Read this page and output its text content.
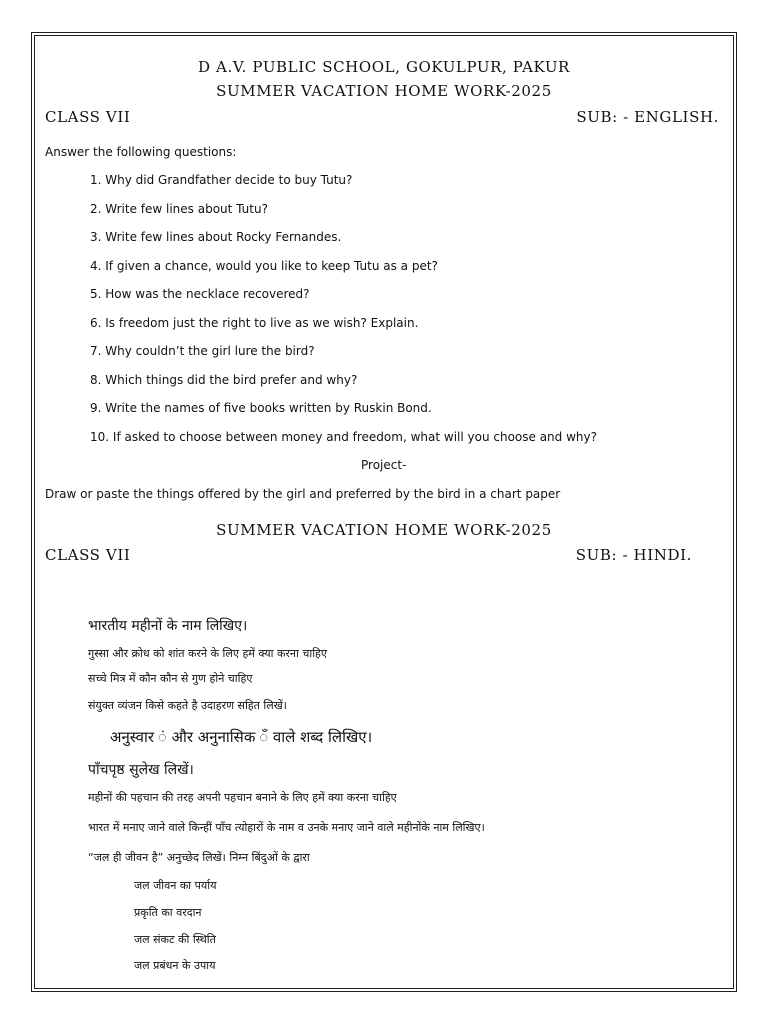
D A.V. PUBLIC SCHOOL, GOKULPUR, PAKUR
SUMMER VACATION HOME WORK-2025
CLASS VII	SUB: - ENGLISH.
Answer the following questions:
1. Why did Grandfather decide to buy Tutu?
2. Write few lines about Tutu?
3. Write few lines about Rocky Fernandes.
4. If given a chance, would you like to keep Tutu as a pet?
5. How was the necklace recovered?
6. Is freedom just the right to live as we wish? Explain.
7. Why couldn’t the girl lure the bird?
8. Which things did the bird prefer and why?
9. Write the names of five books written by Ruskin Bond.
10. If asked to choose between money and freedom, what will you choose and why?
Project-
Draw or paste the things offered by the girl and preferred by the bird in a chart paper
SUMMER VACATION HOME WORK-2025
CLASS VII	SUB: - HINDI.
भारतीय महीनों के नाम लिखिए।
गुस्सा और क्रोध को शांत करने के लिए हमें क्या करना चाहिए
सच्चे मित्र में कौन कौन से गुण होने चाहिए
संयुक्त व्यंजन किसे कहते है उदाहरण सहित लिखें।
अनुस्वार ं और अनुनासिक ँ वाले शब्द लिखिए।
पाँचपृष्ठ सुलेख लिखें।
महीनों की पहचान की तरह अपनी पहचान बनाने के लिए हमें क्या करना चाहिए
भारत में मनाए जाने वाले किन्हीं पाँच त्योहारों के नाम व उनके मनाए जाने वाले महीनोंके नाम लिखिए।
“जल ही जीवन है” अनुच्छेद लिखें। निम्न बिंदुओं के द्वारा
जल जीवन का पर्याय
प्रकृति का वरदान
जल संकट की स्थिति
जल प्रबंधन के उपाय
